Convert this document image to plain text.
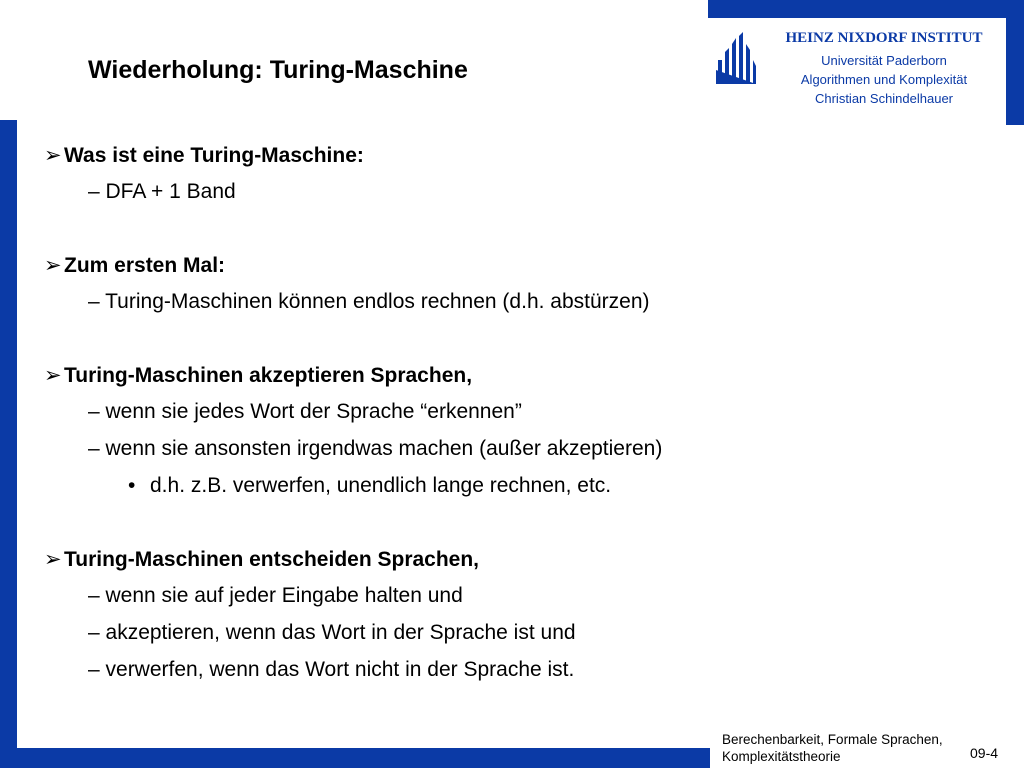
HEINZ NIXDORF INSTITUT
Universität Paderborn
Algorithmen und Komplexität
Christian Schindelhauer
Wiederholung: Turing-Maschine
➢ Was ist eine Turing-Maschine:
– DFA + 1 Band
➢ Zum ersten Mal:
– Turing-Maschinen können endlos rechnen (d.h. abstürzen)
➢ Turing-Maschinen akzeptieren Sprachen,
– wenn sie jedes Wort der Sprache “erkennen”
– wenn sie ansonsten irgendwas machen (außer akzeptieren)
• d.h. z.B. verwerfen, unendlich lange rechnen, etc.
➢ Turing-Maschinen entscheiden Sprachen,
– wenn sie auf jeder Eingabe halten und
– akzeptieren, wenn das Wort in der Sprache ist und
– verwerfen, wenn das Wort nicht in der Sprache ist.
Berechenbarkeit, Formale Sprachen,
Komplexitätstheorie	09-4
